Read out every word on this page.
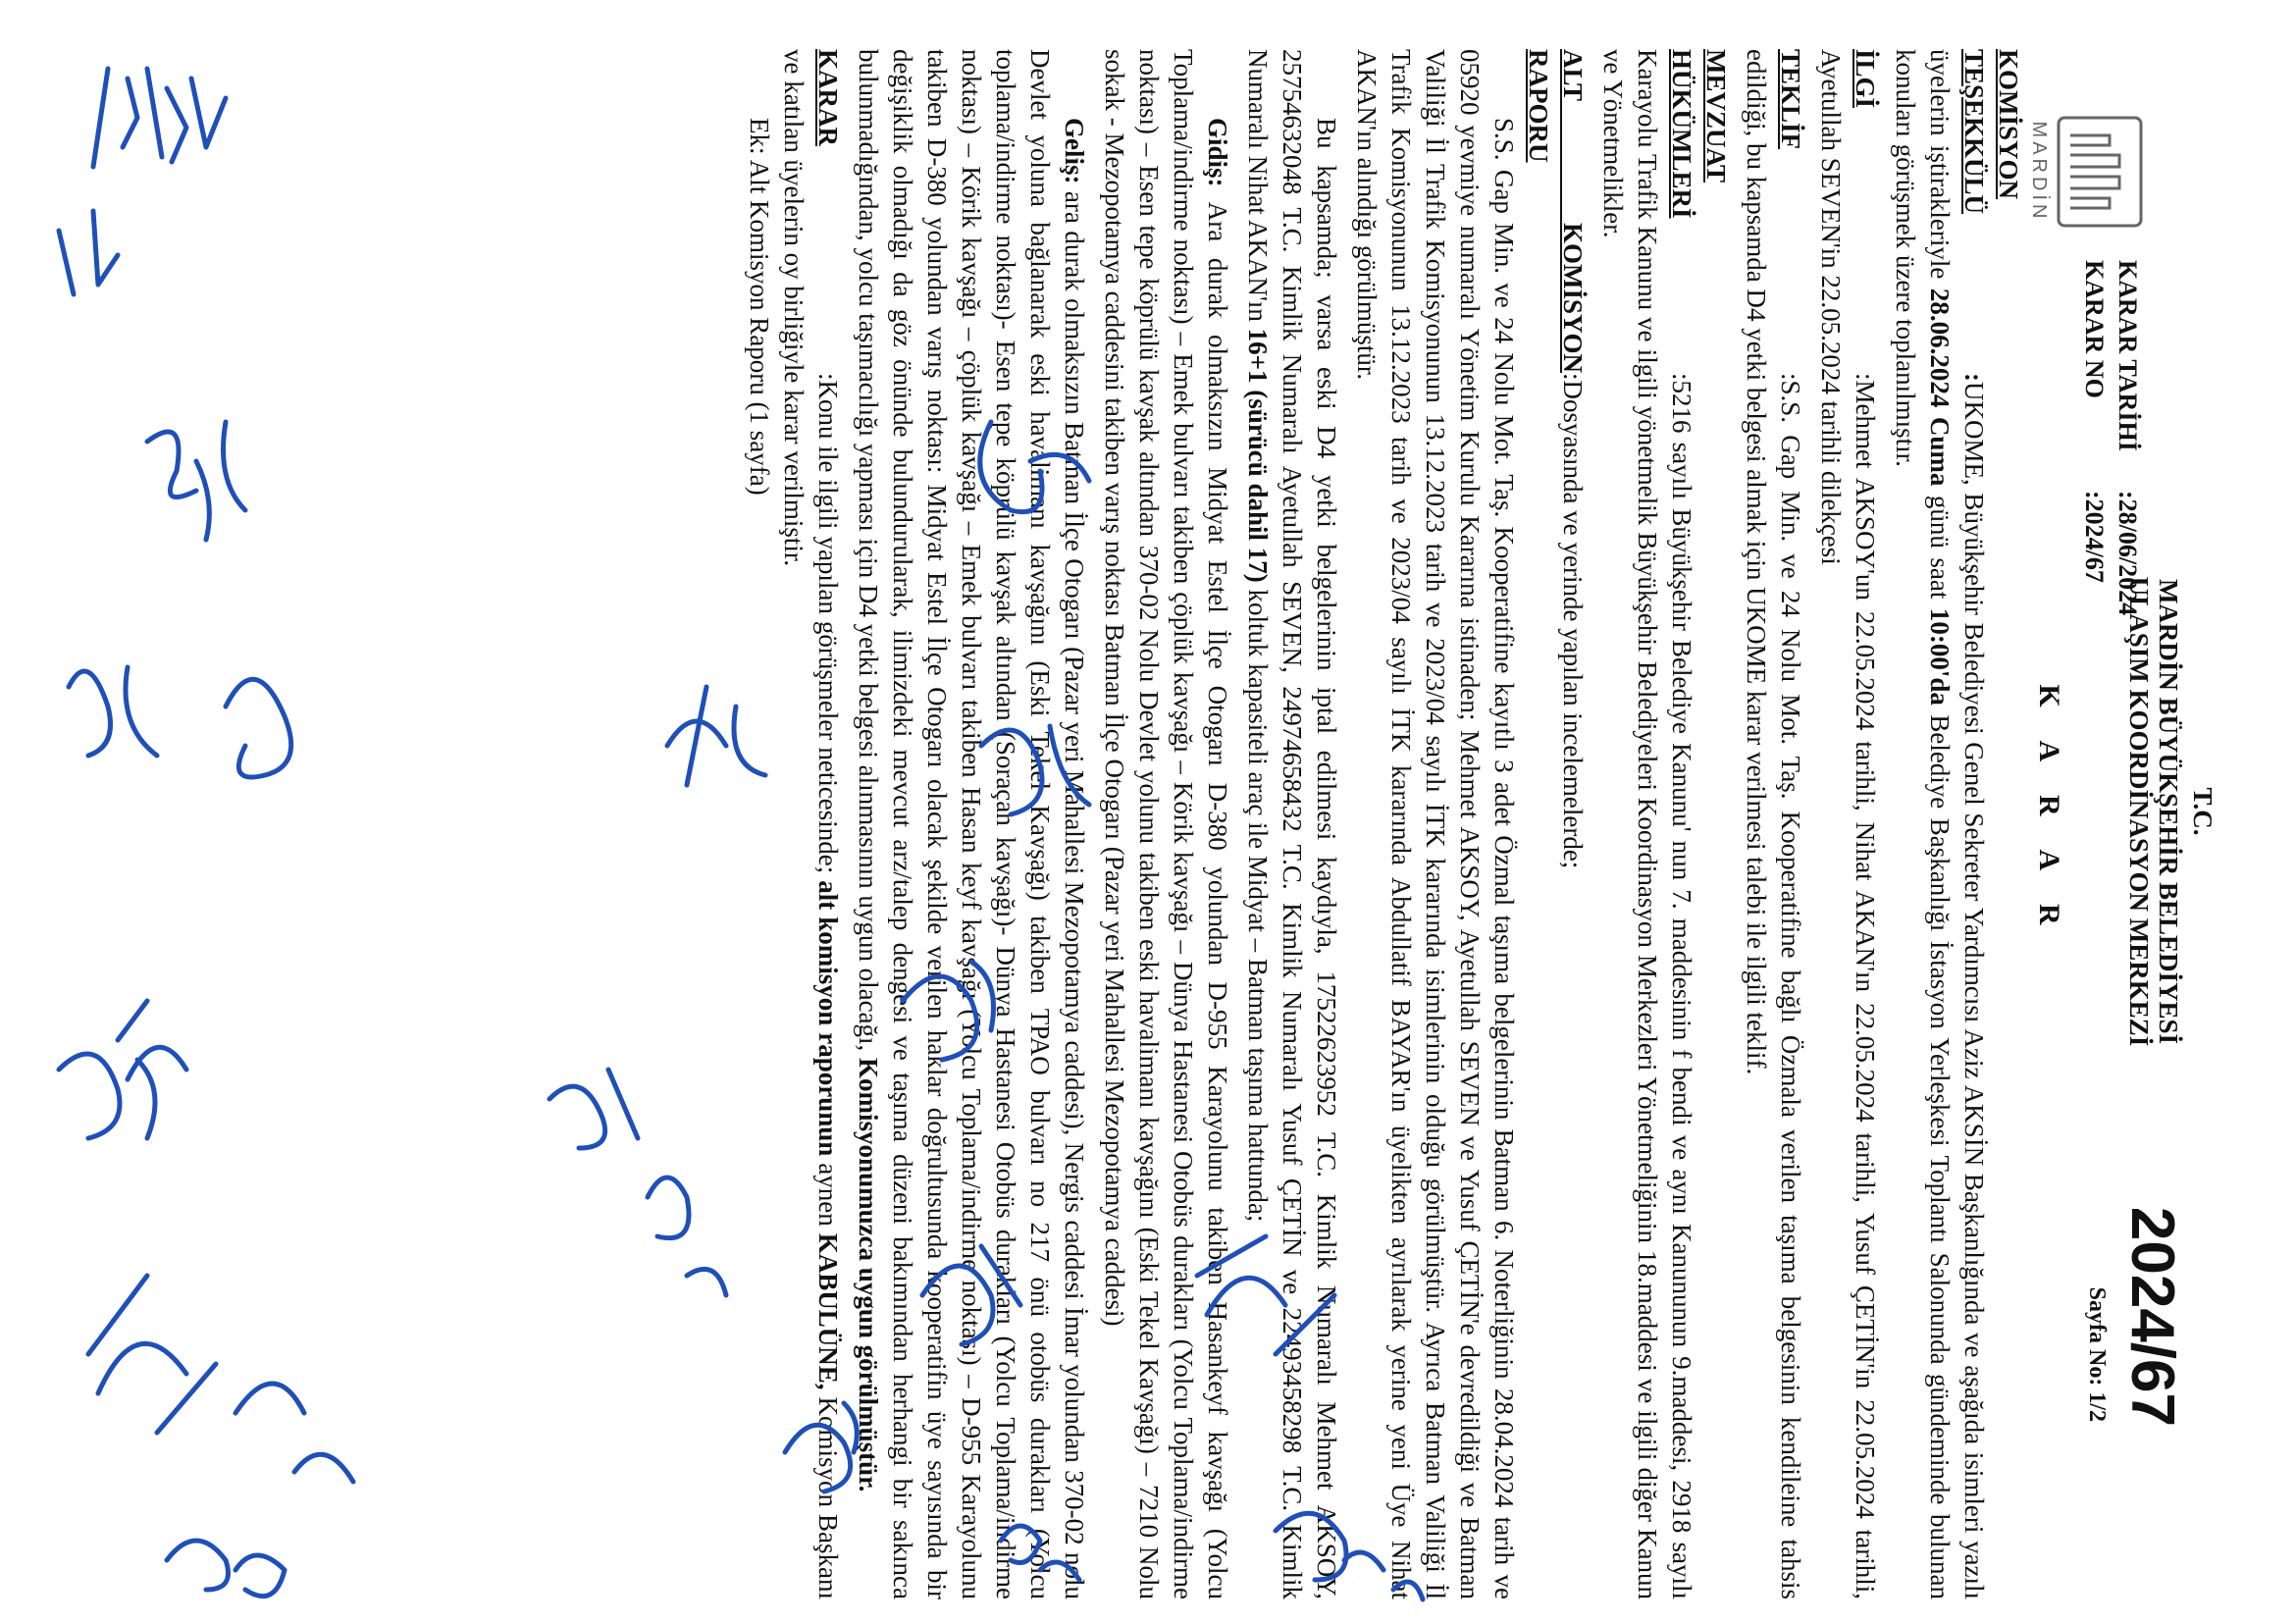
MARDİN
T.C.
MARDİN BÜYÜKŞEHİR BELEDİYESİ
ULAŞIM KOORDİNASYON MERKEZİ
K A R A R
2024/67
Sayfa No: 1/2
KARAR TARİHİ:28/06/2024
KARAR NO:2024/67
KOMİSYON

TEŞEKKÜLÜ:UKOME, Büyükşehir Belediyesi Genel Sekreter Yardımcısı Aziz AKSİN Başkanlığında ve aşağıda isimleri yazılı üyelerin iştirakleriyle 28.06.2024 Cuma günü saat 10:00'da Belediye Başkanlığı İstasyon Yerleşkesi Toplantı Salonunda gündeminde bulunan konuları görüşmek üzere toplanılmıştır.

İLGİ:Mehmet AKSOY'un 22.05.2024 tarihli, Nihat AKAN'ın 22.05.2024 tarihli, Yusuf ÇETİN'in 22.05.2024 tarihli, Ayetullah SEVEN'in 22.05.2024 tarihli dilekçesi

TEKLİF:S.S. Gap Min. ve 24 Nolu Mot. Taş. Kooperatifine bağlı Özmala verilen taşıma belgesinin kendileine tahsis edildiği, bu kapsamda D4 yetki belgesi almak için UKOME karar verilmesi talebi ile ilgili teklif.

MEVZUAT

HÜKÜMLERİ:5216 sayılı Büyükşehir Belediye Kanunu' nun 7. maddesinin f bendi ve aynı Kanununun 9.maddesi, 2918 sayılı Karayolu Trafik Kanunu ve ilgili yönetmelik Büyükşehir Belediyeleri Koordinasyon Merkezleri Yönetmeliğinin 18.maddesi ve ilgili diğer Kanun ve Yönetmelikler.

ALT KOMİSYON RAPORU:Dosyasında ve yerinde yapılan incelemelerde;

S.S. Gap Min. ve 24 Nolu Mot. Taş. Kooperatifine kayıtlı 3 adet Özmal taşıma belgelerinin Batman 6. Noterliğinin 28.04.2024 tarih ve 05920 yevmiye numaralı Yönetim Kurulu Kararına istinaden; Mehmet AKSOY, Ayetullah SEVEN ve Yusuf ÇETİN'e devredildiği ve Batman Valiliği İl Trafik Komisyonunun 13.12.2023 tarih ve 2023/04 sayılı İTK kararında isimlerinin olduğu görülmüştür. Ayrıca Batman Valiliği İl Trafik Komisyonunun 13.12.2023 tarih ve 2023/04 sayılı İTK kararında Abdullatif BAYAR'ın üyelikten ayrılarak yerine yeni Üye Nihat AKAN'ın alındığı görülmüştür.

Bu kapsamda; varsa eski D4 yetki belgelerinin iptal edilmesi kaydıyla, 17522623952 T.C. Kimlik Numaralı Mehmet AKSOY, 25754632048 T.C. Kimlik Numaralı Ayetullah SEVEN, 24974658432 T.C. Kimlik Numaralı Yusuf ÇETİN ve 22493458298 T.C. Kimlik Numaralı Nihat AKAN'ın 16+1 (sürücü dahil 17) koltuk kapasiteli araç ile Midyat – Batman taşıma hattunda;

Gidiş: Ara durak olmaksızın Midyat Estel İlçe Otogarı D-380 yolundan D-955 Karayolunu takiben Hasankeyf kavşağı (Yolcu Toplama/indirme noktası) – Emek bulvarı takiben çöplük kavşağı – Körik kavşağı – Dünya Hastanesi Otobüs durakları (Yolcu Toplama/indirme noktası) – Esen tepe köprülü kavşak altından 370-02 Nolu Devlet yolunu takiben eski havalimanı kavşağını (Eski Tekel Kavşağı) – 7210 Nolu sokak - Mezopotamya caddesini takiben varış noktası Batman İlçe Otogarı (Pazar yeri Mahallesi Mezopotamya caddesi)

Geliş: ara durak olmaksızın Batman İlçe Otogarı (Pazar yeri Mahallesi Mezopotamya caddesi), Nergis caddesi İmar yolundan 370-02 nolu Devlet yoluna bağlanarak eski havalimanı kavşağını (Eski Tekel Kavşağı) takiben TPAO bulvarı no 217 önü otobüs durakları (Yolcu toplama/indirme noktası)- Esen tepe köprülü kavşak altından (Soraçan kavşağı)- Dünya Hastanesi Otobüs durakları (Yolcu Toplama/indirme noktası) – Körik kavşağı – çöplük kavşağı – Emek bulvarı takiben Hasan keyf kavşağı (Yolcu Toplama/indirme noktası) – D-955 Karayolunu takiben D-380 yolundan varış noktası: Midyat Estel İlçe Otogarı olacak şekilde verilen haklar doğrultusunda kooperatifin üye sayısında bir değişiklik olmadığı da göz önünde bulundurularak, ilimizdeki mevcut arz/talep dengesi ve taşıma düzeni bakımından herhangi bir sakınca bulunmadığından, yolcu taşımacılığı yapması için D4 yetki belgesi alınmasının uygun olacağı, Komisyonumuzca uygun görülmüştür.

KARAR:Konu ile ilgili yapılan görüşmeler neticesinde; alt komisyon raporunun aynen KABULÜNE, Komisyon Başkanı ve katılan üyelerin oy birliğiyle karar verilmiştir.

Ek: Alt Komisyon Raporu (1 sayfa)
